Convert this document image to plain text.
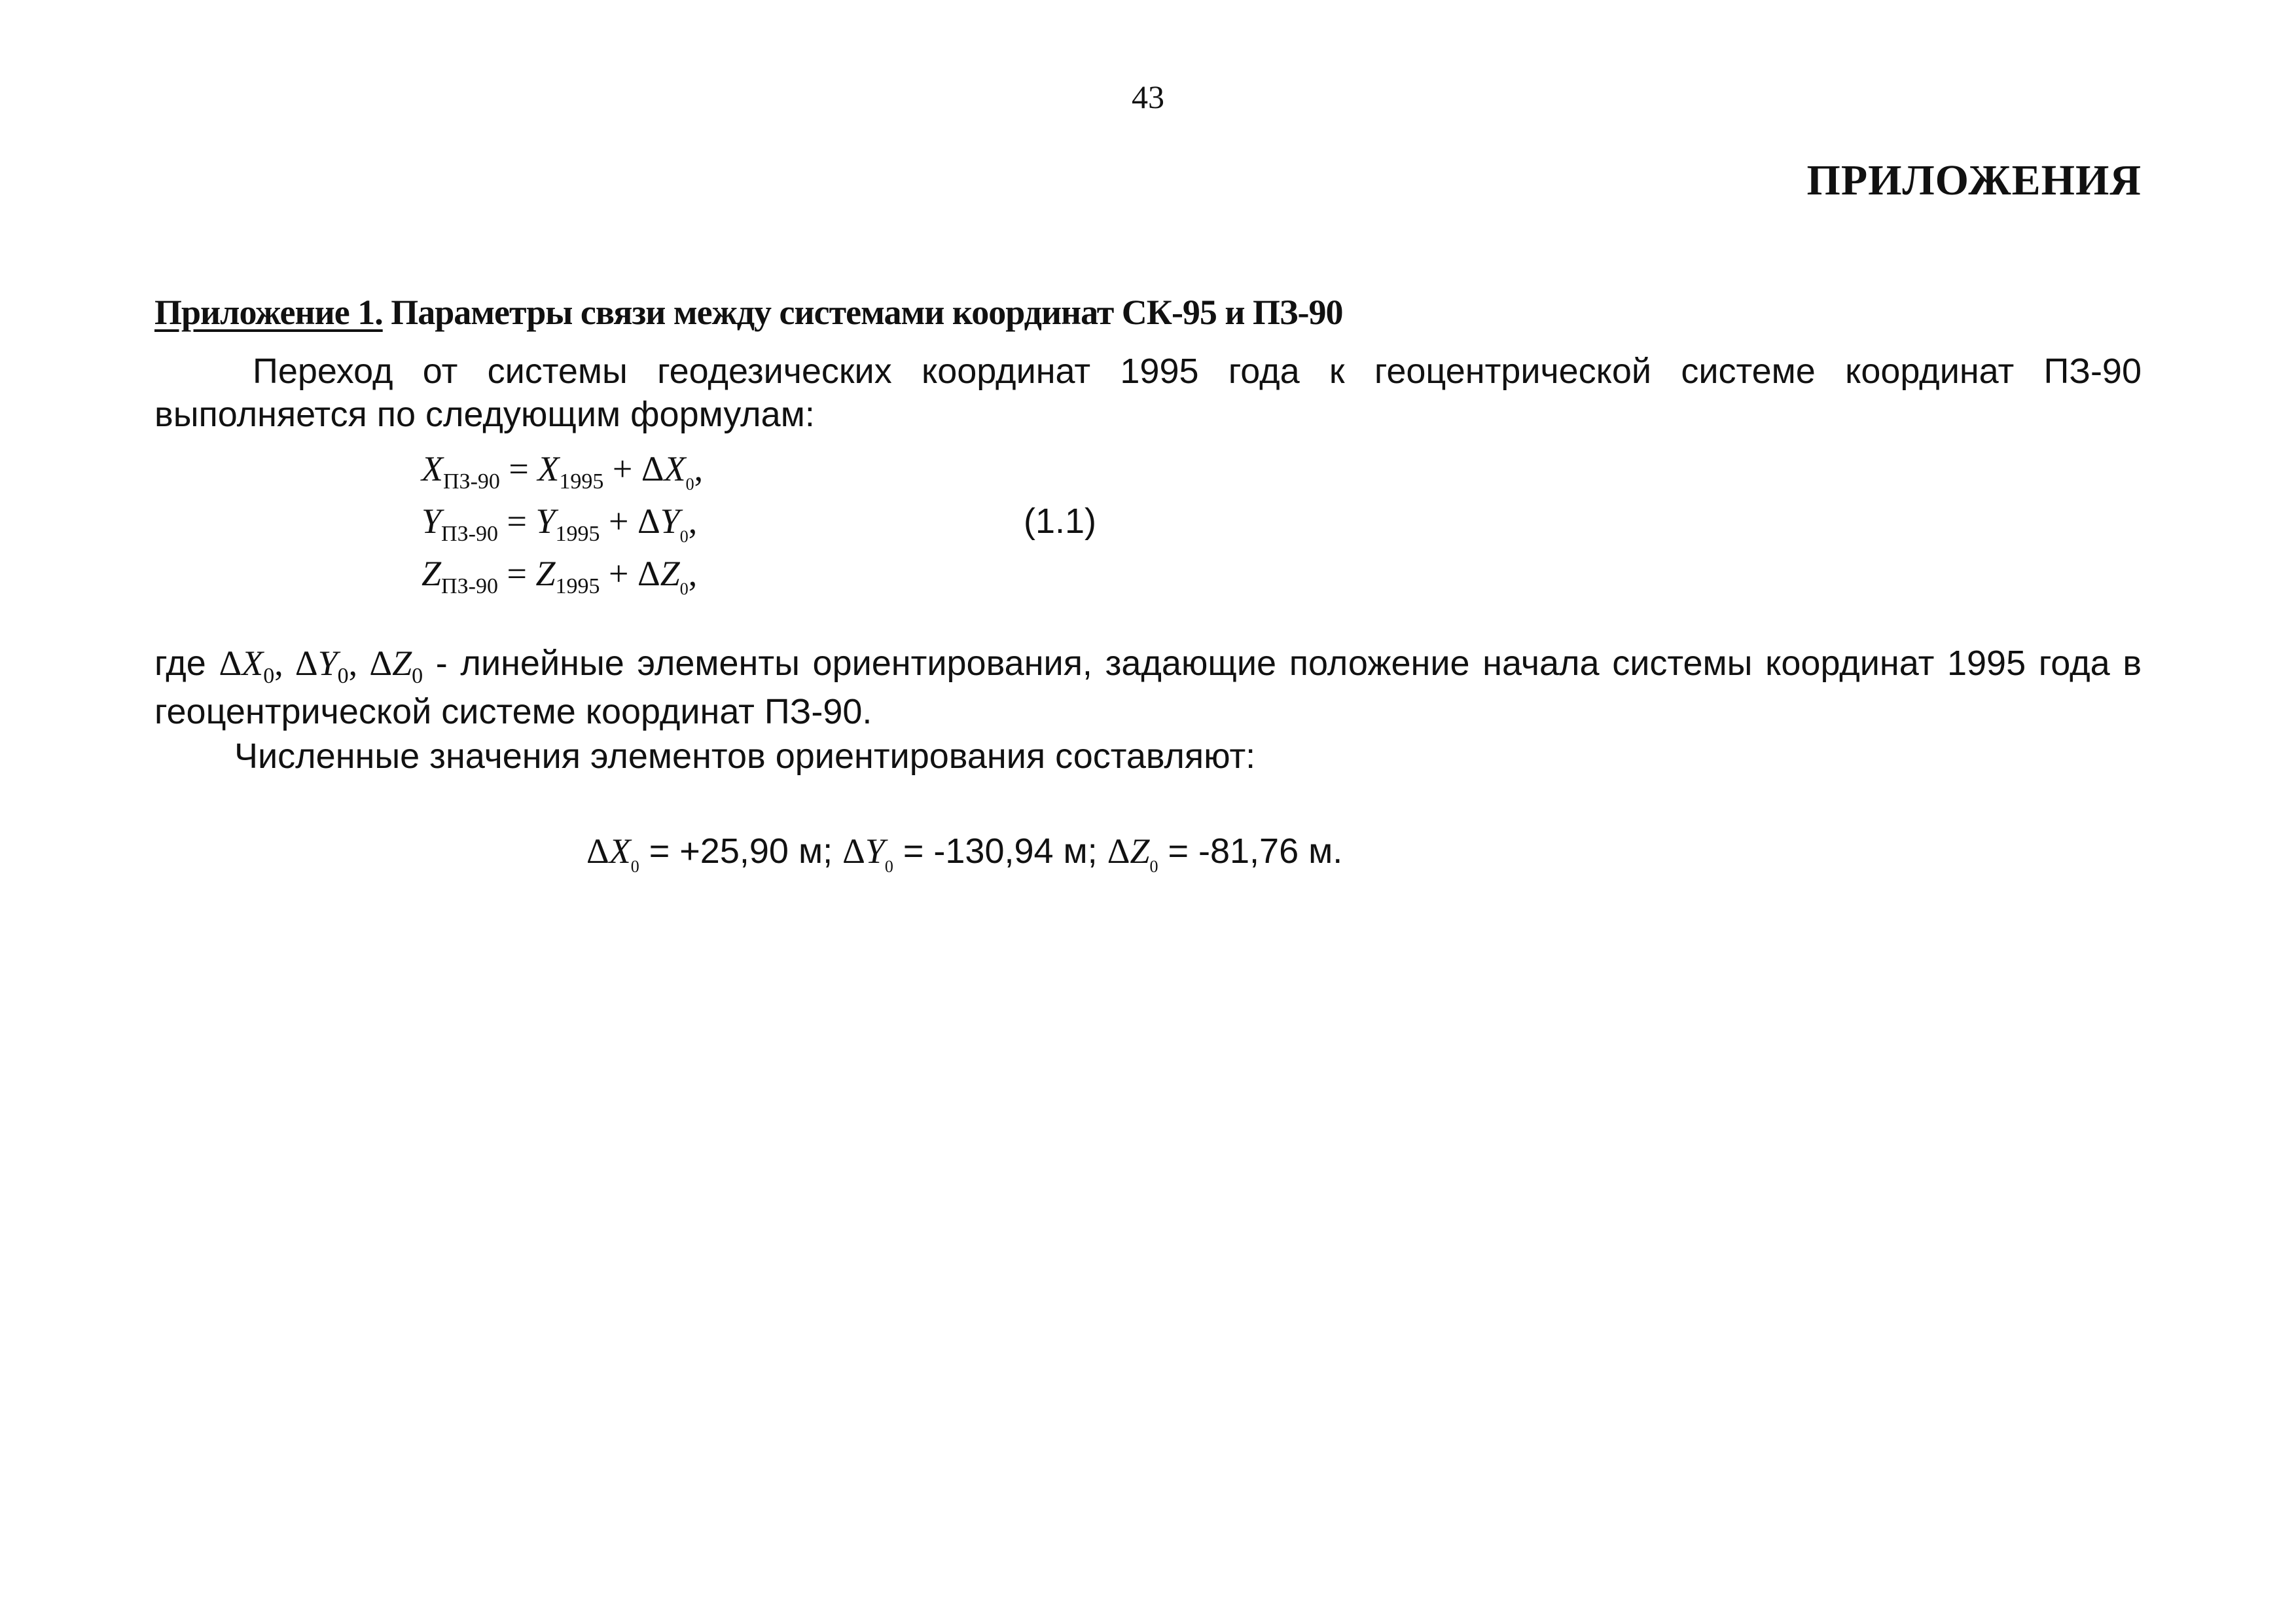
43
ПРИЛОЖЕНИЯ
Приложение 1. Параметры связи между системами координат СК-95 и ПЗ-90
Переход от системы геодезических координат 1995 года к геоцентрической системе координат ПЗ-90 выполняется по следующим формулам:
$X_{ПЗ-90} = X_{1995} + \Delta X_0$,
$Y_{ПЗ-90} = Y_{1995} + \Delta Y_0$,
$Z_{ПЗ-90} = Z_{1995} + \Delta Z_0$,
(1.1)
где $\Delta X_0$, $\Delta Y_0$, $\Delta Z_0$ - линейные элементы ориентирования, задающие положение начала системы координат 1995 года в геоцентрической системе координат ПЗ-90.
Численные значения элементов ориентирования составляют:
$\Delta X_0 = +25,90$ м; $\Delta Y_0 = -130,94$ м; $\Delta Z_0 = -81,76$ м.
